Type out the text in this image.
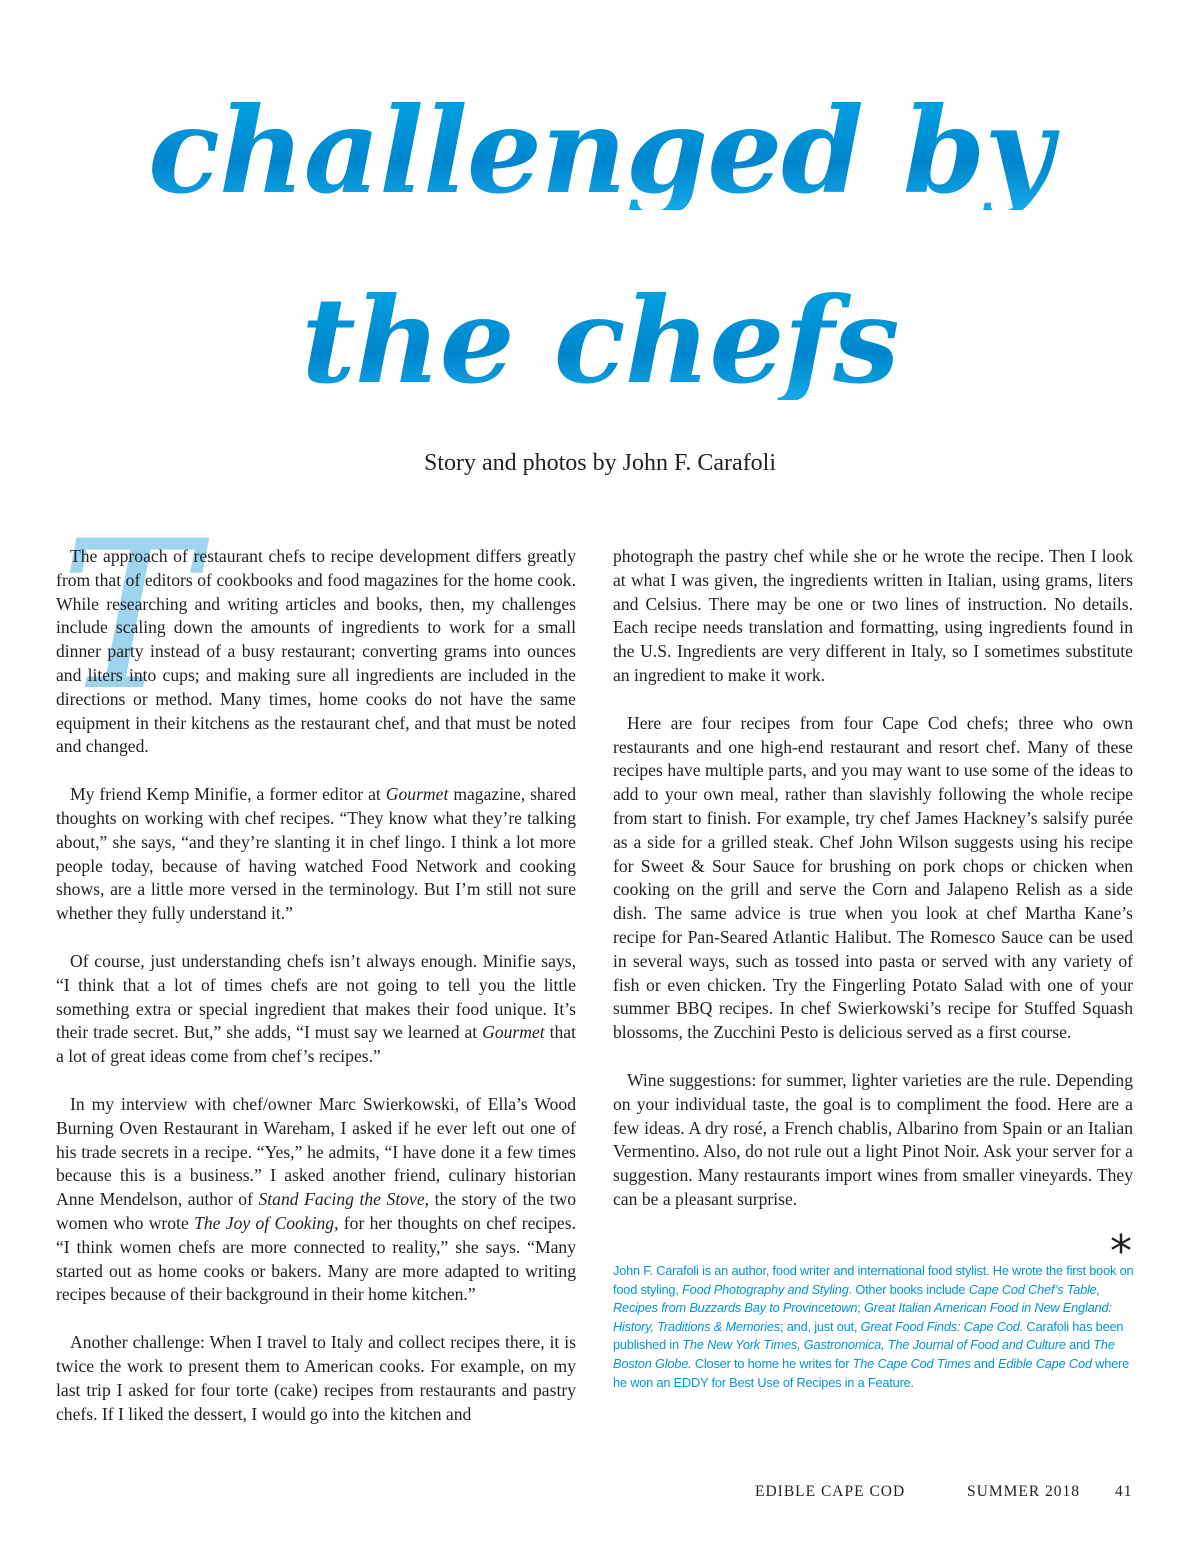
challenged by
the chefs
Story and photos by John F. Carafoli
T

The approach of restaurant chefs to recipe development differs greatly from that of editors of cookbooks and food magazines for the home cook. While researching and writing articles and books, then, my challenges include scaling down the amounts of ingredients to work for a small dinner party instead of a busy restaurant; converting grams into ounces and liters into cups; and making sure all ingredients are included in the directions or method. Many times, home cooks do not have the same equipment in their kitchens as the restaurant chef, and that must be noted and changed.

My friend Kemp Minifie, a former editor at Gourmet magazine, shared thoughts on working with chef recipes. “They know what they’re talking about,” she says, “and they’re slanting it in chef lingo. I think a lot more people today, because of having watched Food Network and cooking shows, are a little more versed in the terminology. But I’m still not sure whether they fully understand it.”

Of course, just understanding chefs isn’t always enough. Minifie says, “I think that a lot of times chefs are not going to tell you the little something extra or special ingredient that makes their food unique. It’s their trade secret. But,” she adds, “I must say we learned at Gourmet that a lot of great ideas come from chef’s recipes.”

In my interview with chef/owner Marc Swierkowski, of Ella’s Wood Burning Oven Restaurant in Wareham, I asked if he ever left out one of his trade secrets in a recipe. “Yes,” he admits, “I have done it a few times because this is a business.” I asked another friend, culinary historian Anne Mendelson, author of Stand Facing the Stove, the story of the two women who wrote The Joy of Cooking, for her thoughts on chef recipes. “I think women chefs are more connected to reality,” she says. “Many started out as home cooks or bakers. Many are more adapted to writing recipes because of their background in their home kitchen.”

Another challenge: When I travel to Italy and collect recipes there, it is twice the work to present them to American cooks. For example, on my last trip I asked for four torte (cake) recipes from restaurants and pastry chefs. If I liked the dessert, I would go into the kitchen and

photograph the pastry chef while she or he wrote the recipe. Then I look at what I was given, the ingredients written in Italian, using grams, liters and Celsius. There may be one or two lines of instruction. No details. Each recipe needs translation and formatting, using ingredients found in the U.S. Ingredients are very different in Italy, so I sometimes substitute an ingredient to make it work.

Here are four recipes from four Cape Cod chefs; three who own restaurants and one high-end restaurant and resort chef. Many of these recipes have multiple parts, and you may want to use some of the ideas to add to your own meal, rather than slavishly following the whole recipe from start to finish. For example, try chef James Hackney’s salsify purée as a side for a grilled steak. Chef John Wilson suggests using his recipe for Sweet & Sour Sauce for brushing on pork chops or chicken when cooking on the grill and serve the Corn and Jalapeno Relish as a side dish. The same advice is true when you look at chef Martha Kane’s recipe for Pan-Seared Atlantic Halibut. The Romesco Sauce can be used in several ways, such as tossed into pasta or served with any variety of fish or even chicken. Try the Fingerling Potato Salad with one of your summer BBQ recipes. In chef Swierkowski’s recipe for Stuffed Squash blossoms, the Zucchini Pesto is delicious served as a first course.

Wine suggestions: for summer, lighter varieties are the rule. Depending on your individual taste, the goal is to compliment the food. Here are a few ideas. A dry rosé, a French chablis, Albarino from Spain or an Italian Vermentino. Also, do not rule out a light Pinot Noir. Ask your server for a suggestion. Many restaurants import wines from smaller vineyards. They can be a pleasant surprise.

*
John F. Carafoli is an author, food writer and international food stylist. He wrote the first book on food styling, Food Photography and Styling. Other books include Cape Cod Chef’s Table, Recipes from Buzzards Bay to Provincetown; Great Italian American Food in New England: History, Traditions & Memories; and, just out, Great Food Finds: Cape Cod. Carafoli has been published in The New York Times, Gastronomica, The Journal of Food and Culture and The Boston Globe. Closer to home he writes for The Cape Cod Times and Edible Cape Cod where he won an EDDY for Best Use of Recipes in a Feature.
EDIBLE CAPE COD	SUMMER 2018 41
